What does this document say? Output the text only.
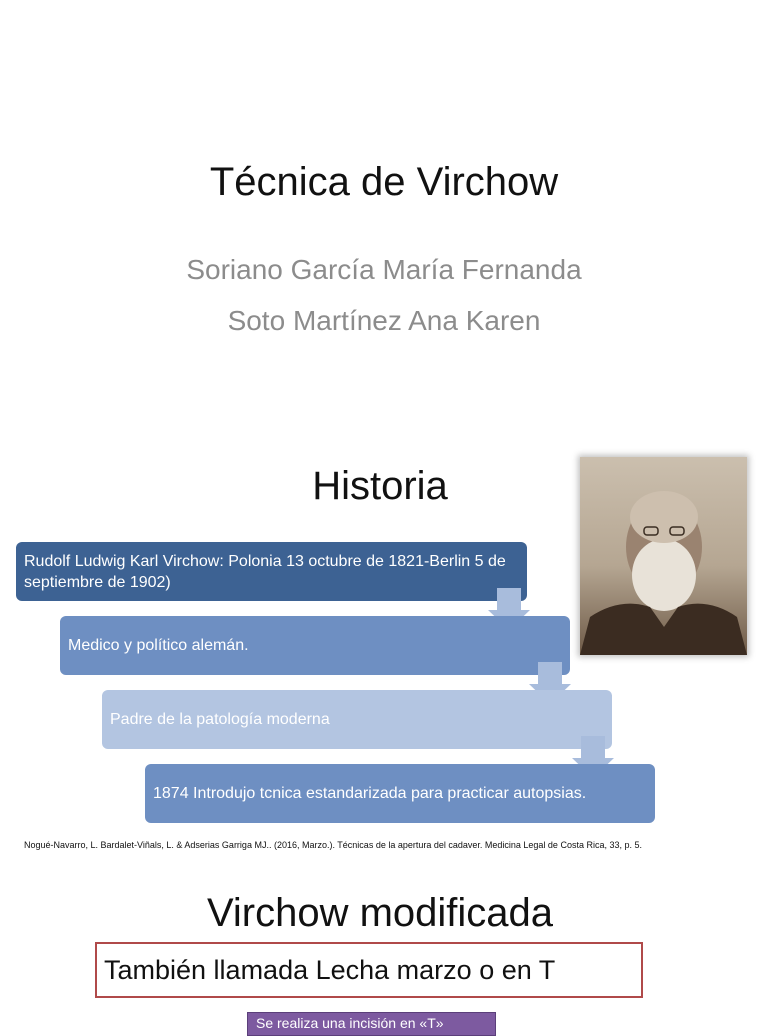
Técnica de Virchow
Soriano García María Fernanda
Soto Martínez Ana Karen
Historia
Rudolf Ludwig Karl Virchow: Polonia 13 octubre de 1821-Berlin 5 de septiembre de 1902)
Medico y político alemán.
Padre de la patología moderna
1874 Introdujo tcnica estandarizada para practicar autopsias.
Nogué-Navarro, L. Bardalet-Viñals, L. & Adserias Garriga MJ.. (2016, Marzo.). Técnicas de la apertura del cadaver. Medicina Legal de Costa Rica, 33, p. 5.
Virchow modificada
También llamada Lecha marzo o en T
Se realiza una incisión en «T»
